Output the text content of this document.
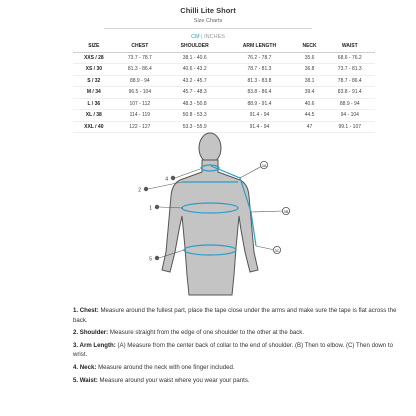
Chilli Lite Short
Size Charts
CM | INCHES
SIZE	CHEST	SHOULDER	ARM LENGTH	NECK	WAIST
XXS / 28	73.7 - 78.7	38.1 - 40.6	76.2 - 78.7	35.6	68.6 - 76.2
XS / 30	81.3 - 86.4	40.6 - 43.2	78.7 - 81.3	36.8	73.7 - 81.3
S / 32	88.9 - 94	43.2 - 45.7	81.3 - 83.8	38.1	78.7 - 86.4
M / 34	96.5 - 104	45.7 - 48.3	83.8 - 86.4	39.4	83.8 - 91.4
L / 36	107 - 112	48.3 - 50.8	88.9 - 91.4	40.6	88.9 - 94
XL / 38	114 - 119	50.8 - 53.3	91.4 - 94	44.5	94 - 104
XXL / 40	122 - 127	53.3 - 55.9	91.4 - 94	47	99.1 - 107
2
1
4
5
3A
3B
3C

1. Chest: Measure around the fullest part, place the tape close under the arms and make sure the tape is flat across the back.

2. Shoulder: Measure straight from the edge of one shoulder to the other at the back.

3. Arm Length: (A) Measure from the center back of collar to the end of shoulder. (B) Then to elbow. (C) Then down to wrist.

4. Neck: Measure around the neck with one finger included.

5. Waist: Measure around your waist where you wear your pants.
